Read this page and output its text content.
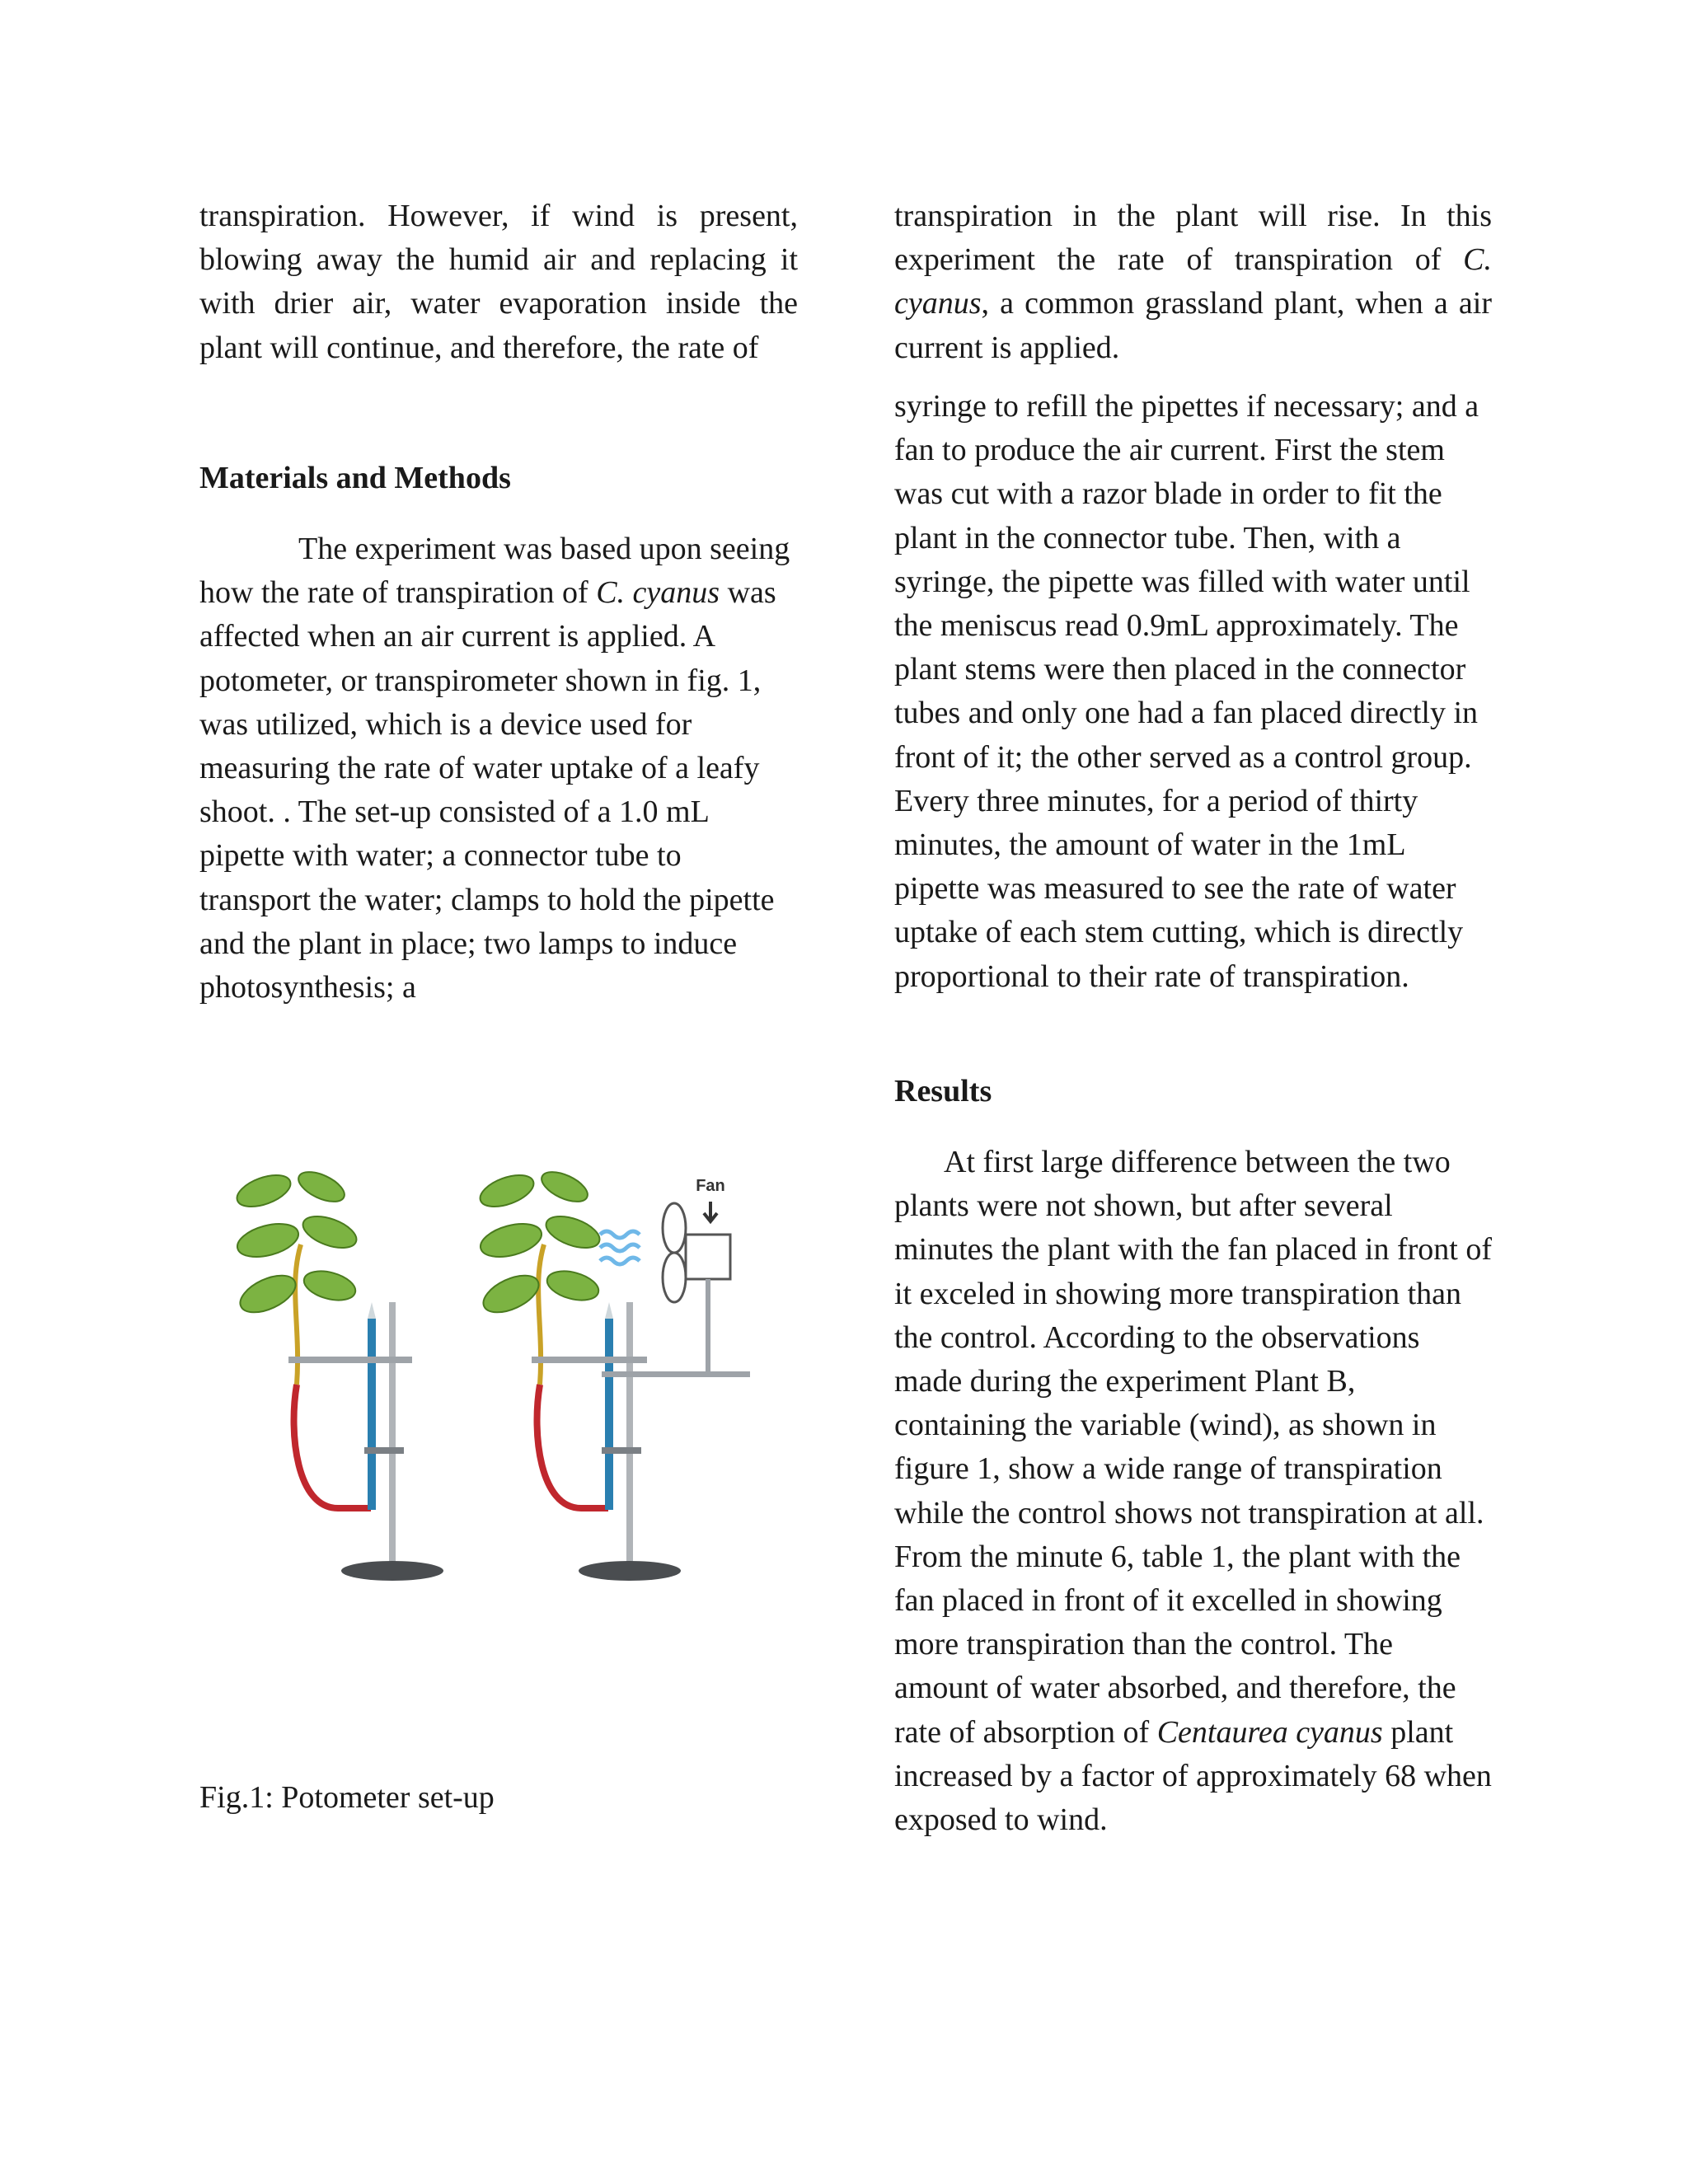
transpiration. However, if wind is present, blowing away the humid air and replacing it with drier air, water evaporation inside the plant will continue, and therefore, the rate of

Materials and Methods

The experiment was based upon seeing how the rate of transpiration of C. cyanus was affected when an air current is applied. A potometer, or transpirometer shown in fig. 1, was utilized, which is a device used for measuring the rate of water uptake of a leafy shoot. . The set-up consisted of a 1.0 mL pipette with water; a connector tube to transport the water; clamps to hold the pipette and the plant in place; two lamps to induce photosynthesis; a

Fan
Fig.1: Potometer set-up

transpiration in the plant will rise. In this experiment the rate of transpiration of C. cyanus, a common grassland plant, when a air current is applied.

syringe to refill the pipettes if necessary; and a fan to produce the air current. First the stem was cut with a razor blade in order to fit the plant in the connector tube. Then, with a syringe, the pipette was filled with water until the meniscus read 0.9mL approximately. The plant stems were then placed in the connector tubes and only one had a fan placed directly in front of it; the other served as a control group. Every three minutes, for a period of thirty minutes, the amount of water in the 1mL pipette was measured to see the rate of water uptake of each stem cutting, which is directly proportional to their rate of transpiration.

Results

At first large difference between the two plants were not shown, but after several minutes the plant with the fan placed in front of it exceled in showing more transpiration than the control. According to the observations made during the experiment Plant B, containing the variable (wind), as shown in figure 1, show a wide range of transpiration while the control shows not transpiration at all. From the minute 6, table 1, the plant with the fan placed in front of it excelled in showing more transpiration than the control. The amount of water absorbed, and therefore, the rate of absorption of Centaurea cyanus plant increased by a factor of approximately 68 when exposed to wind.
